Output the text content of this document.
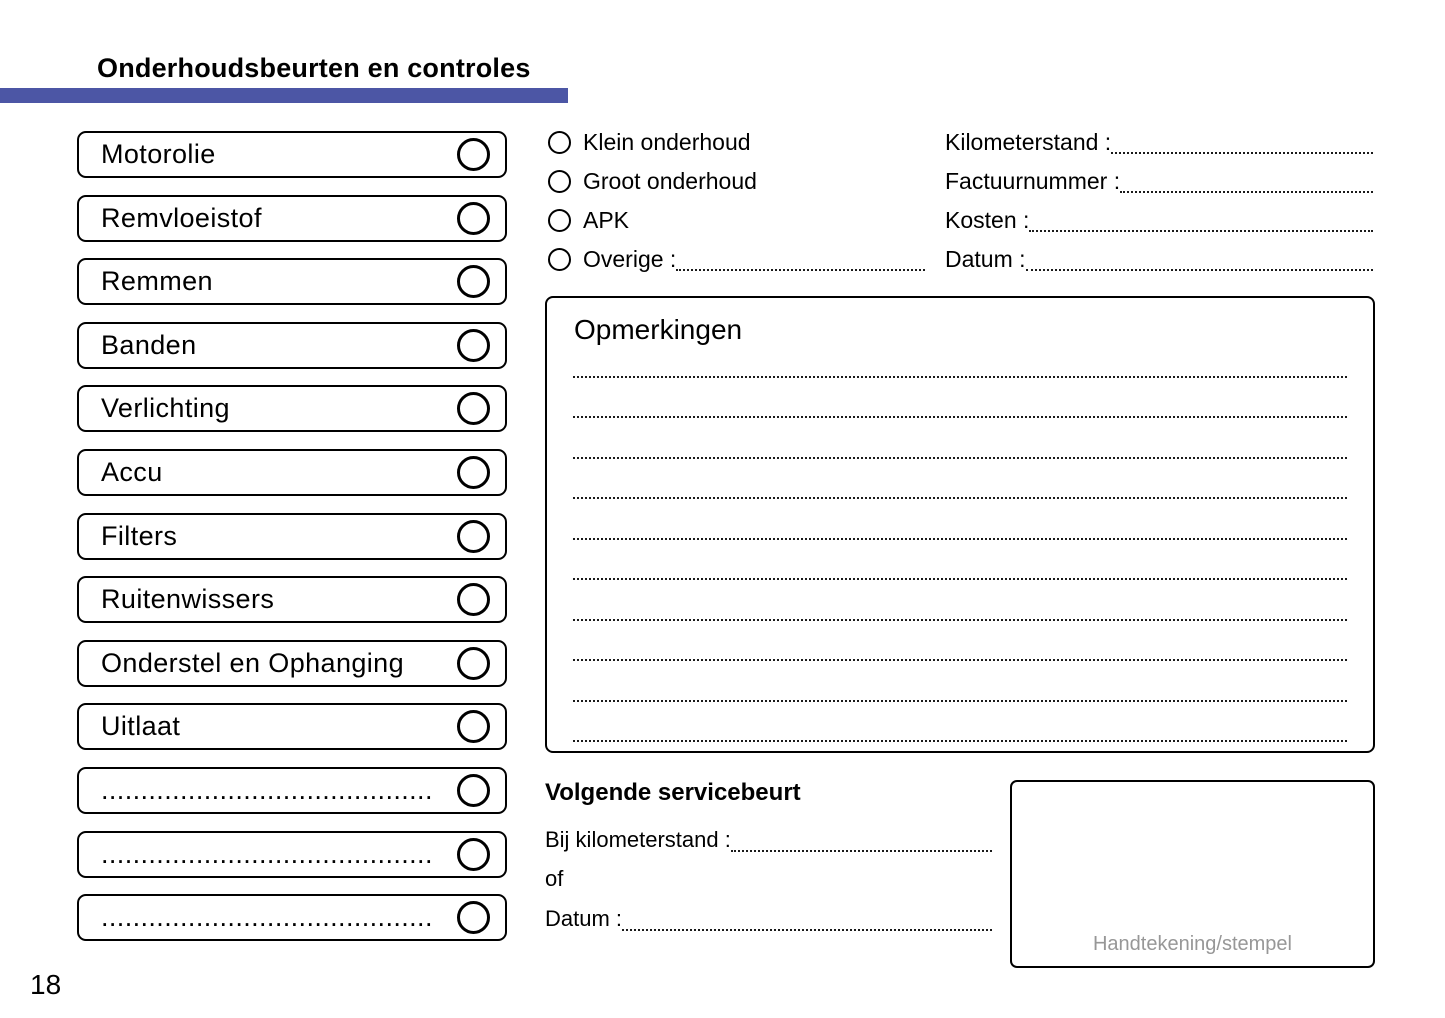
Onderhoudsbeurten en controles
Motorolie
Remvloeistof
Remmen
Banden
Verlichting
Accu
Filters
Ruitenwissers
Onderstel en Ophanging
Uitlaat
..........................................
..........................................
..........................................
Klein onderhoud
Groot onderhoud
APK
Overige :
Kilometerstand :
Factuurnummer :
Kosten :
Datum :
Opmerkingen

Volgende servicebeurt

Bij kilometerstand :
of
Datum :
Handtekening/stempel
18
